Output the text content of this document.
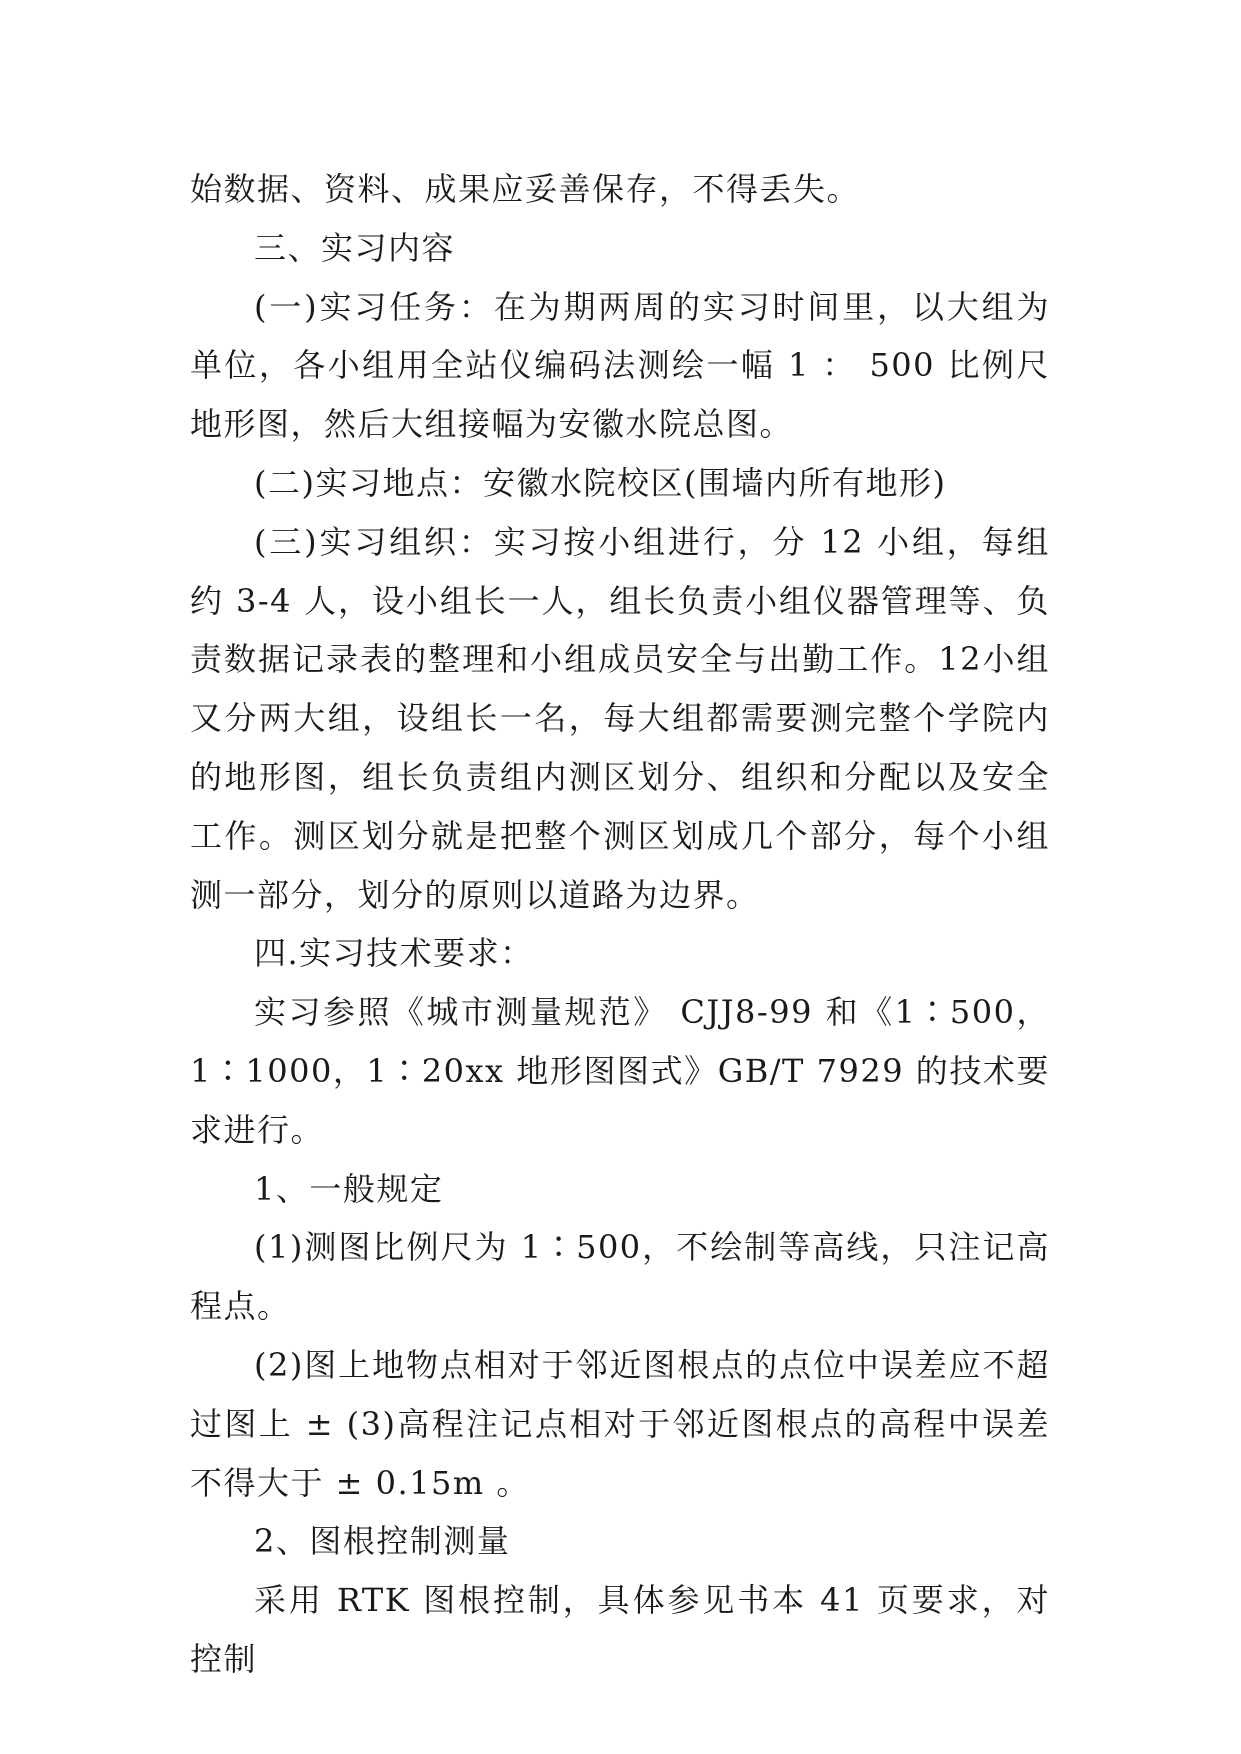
始数据、资料、成果应妥善保存，不得丢失。

三、实习内容

(一)实习任务：在为期两周的实习时间里，以大组为单位，各小组用全站仪编码法测绘一幅 1 ： 500 比例尺地形图，然后大组接幅为安徽水院总图。

(二)实习地点：安徽水院校区(围墙内所有地形)

(三)实习组织：实习按小组进行，分 12 小组，每组约 3-4 人，设小组长一人，组长负责小组仪器管理等、负责数据记录表的整理和小组成员安全与出勤工作。12小组又分两大组，设组长一名，每大组都需要测完整个学院内的地形图，组长负责组内测区划分、组织和分配以及安全工作。测区划分就是把整个测区划成几个部分，每个小组测一部分，划分的原则以道路为边界。

四.实习技术要求：

实习参照《城市测量规范》 CJJ8-99 和《1∶500，1∶1000，1∶20xx 地形图图式》GB/T 7929 的技术要求进行。

1、一般规定

(1)测图比例尺为 1∶500，不绘制等高线，只注记高程点。

(2)图上地物点相对于邻近图根点的点位中误差应不超过图上 ± (3)高程注记点相对于邻近图根点的高程中误差不得大于 ± 0.15m 。

2、图根控制测量

采用 RTK 图根控制，具体参见书本 41 页要求，对控制
